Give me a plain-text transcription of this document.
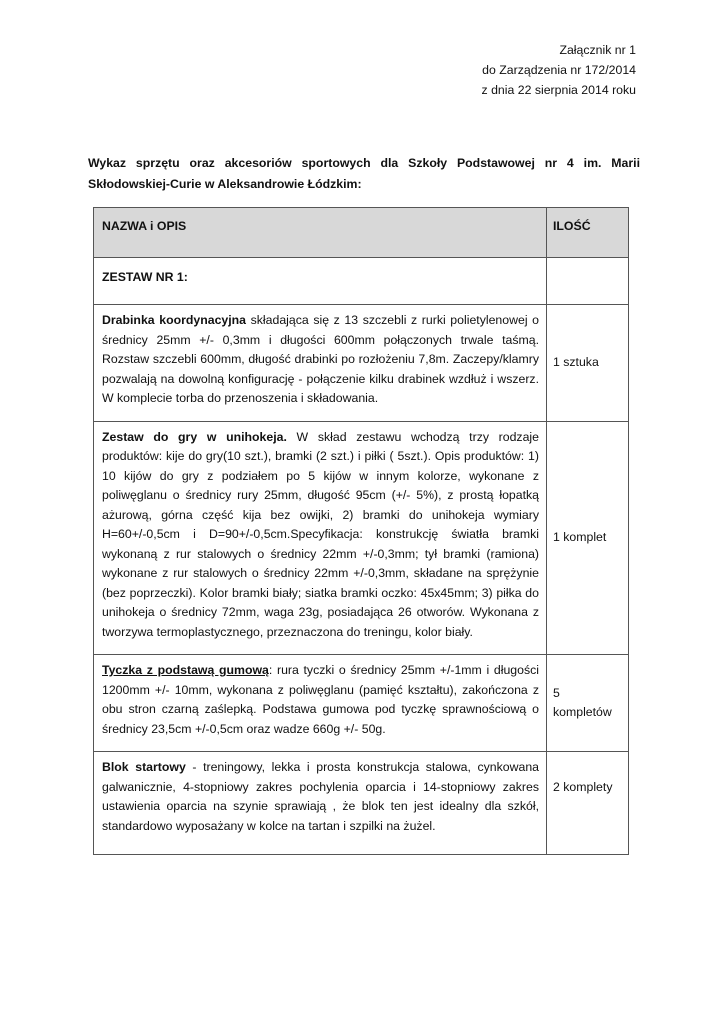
Załącznik nr 1
do Zarządzenia nr 172/2014
z dnia 22 sierpnia 2014 roku
Wykaz sprzętu oraz akcesoriów sportowych dla Szkoły Podstawowej nr 4 im. Marii Skłodowskiej-Curie w Aleksandrowie Łódzkim:
NAZWA i OPIS	ILOŚĆ
ZESTAW NR 1:	
Drabinka koordynacyjna składająca się z 13 szczebli z rurki polietylenowej o średnicy 25mm +/- 0,3mm i długości 600mm połączonych trwale taśmą. Rozstaw szczebli 600mm, długość drabinki po rozłożeniu 7,8m. Zaczepy/klamry pozwalają na dowolną konfigurację - połączenie kilku drabinek wzdłuż i wszerz. W komplecie torba do przenoszenia i składowania.	1 sztuka
Zestaw do gry w unihokeja. W skład zestawu wchodzą trzy rodzaje produktów: kije do gry(10 szt.), bramki (2 szt.) i piłki ( 5szt.). Opis produktów: 1) 10 kijów do gry z podziałem po 5 kijów w innym kolorze, wykonane z poliwęglanu o średnicy rury 25mm, długość 95cm (+/- 5%), z prostą łopatką ażurową, górna część kija bez owijki, 2) bramki do unihokeja wymiary H=60+/-0,5cm i D=90+/-0,5cm.Specyfikacja: konstrukcję światła bramki wykonaną z rur stalowych o średnicy 22mm +/-0,3mm; tył bramki (ramiona) wykonane z rur stalowych o średnicy 22mm +/-0,3mm, składane na sprężynie (bez poprzeczki). Kolor bramki biały; siatka bramki oczko: 45x45mm; 3) piłka do unihokeja o średnicy 72mm, waga 23g, posiadająca 26 otworów. Wykonana z tworzywa termoplastycznego, przeznaczona do treningu, kolor biały.	1 komplet
Tyczka z podstawą gumową: rura tyczki o średnicy 25mm +/-1mm i długości 1200mm +/- 10mm, wykonana z poliwęglanu (pamięć kształtu), zakończona z obu stron czarną zaślepką. Podstawa gumowa pod tyczkę sprawnościową o średnicy 23,5cm +/-0,5cm oraz wadze 660g +/- 50g.	5 kompletów
Blok startowy - treningowy, lekka i prosta konstrukcja stalowa, cynkowana galwanicznie, 4-stopniowy zakres pochylenia oparcia i 14-stopniowy zakres ustawienia oparcia na szynie sprawiają , że blok ten jest idealny dla szkół, standardowo wyposażany w kolce na tartan i szpilki na żużel.	2 komplety
